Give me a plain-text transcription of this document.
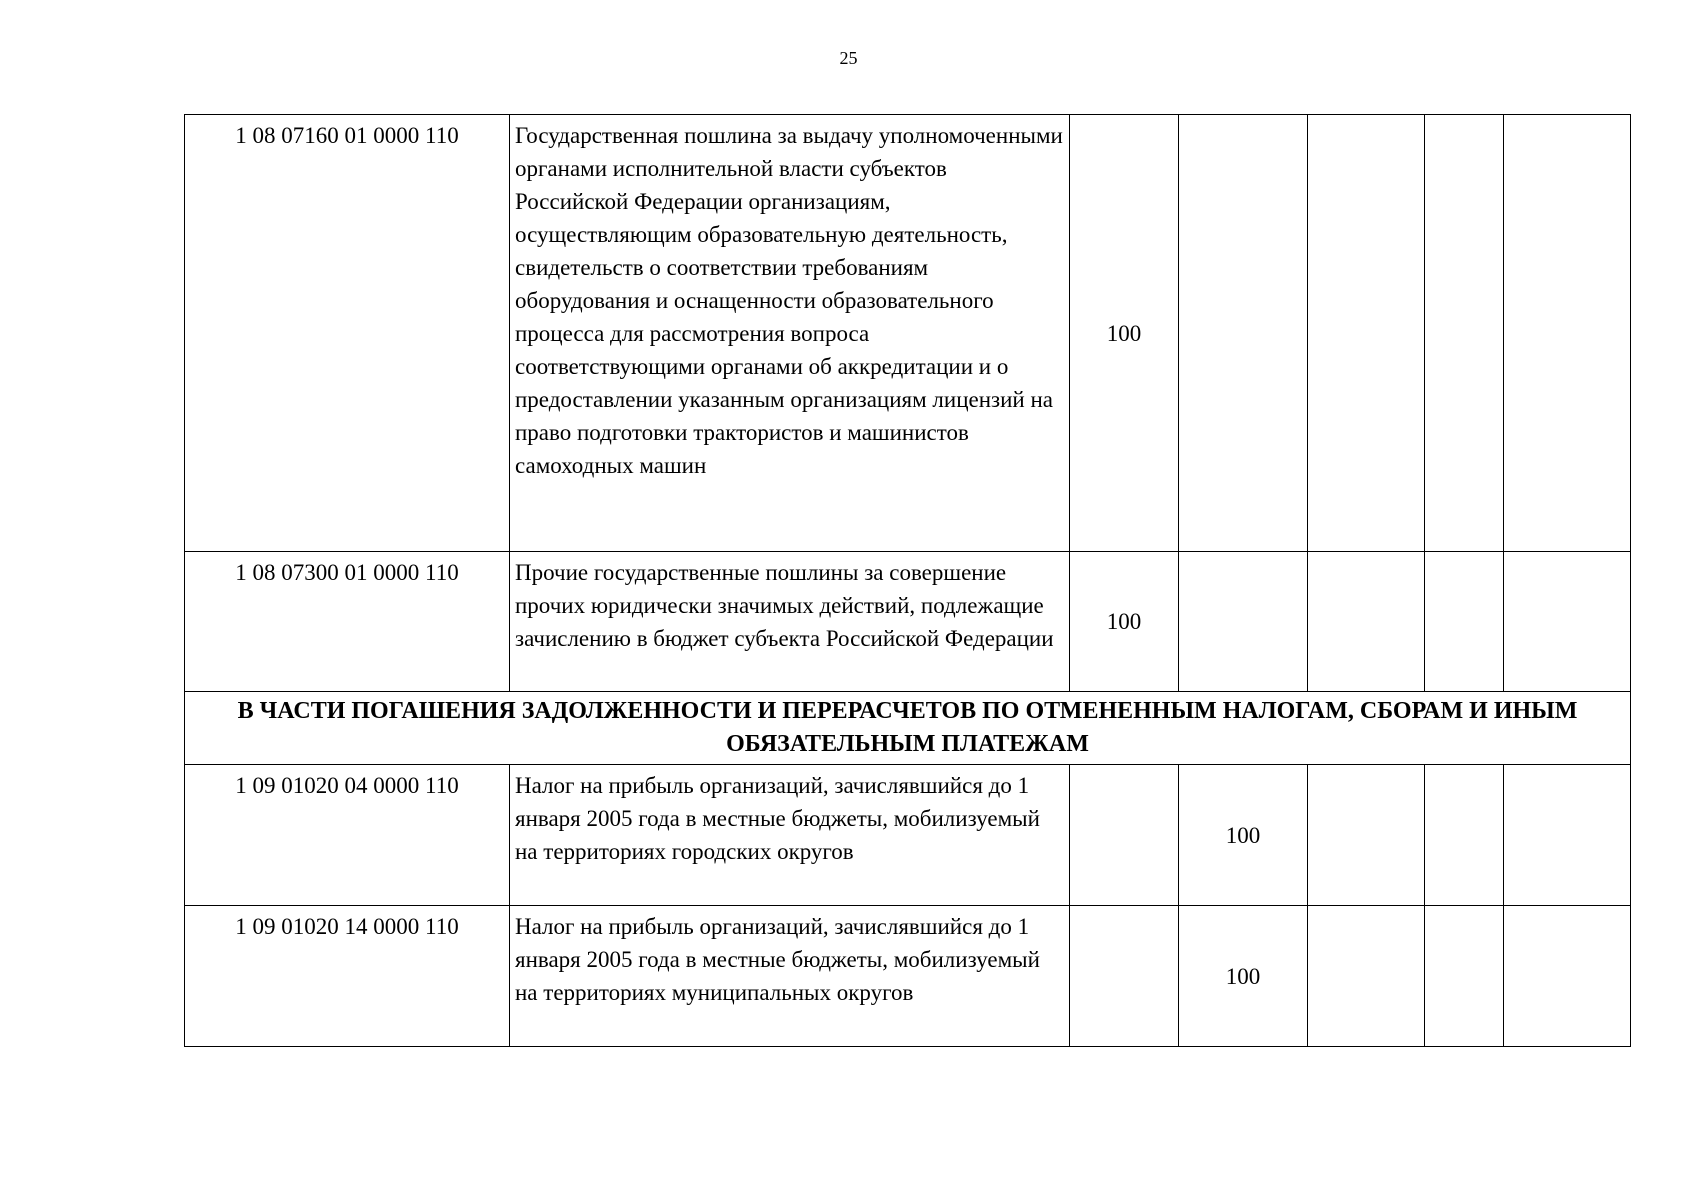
25
1 08 07160 01 0000 110	Государственная пошлина за выдачу уполномоченными органами исполнительной власти субъектов Российской Федерации организациям, осуществляющим образовательную деятельность, свидетельств о соответствии требованиям оборудования и оснащенности образовательного процесса для рассмотрения вопроса соответствующими органами об аккредитации и о предоставлении указанным организациям лицензий на право подготовки трактористов и машинистов самоходных машин	100				
1 08 07300 01 0000 110	Прочие государственные пошлины за совершение прочих юридически значимых действий, подлежащие зачислению в бюджет субъекта Российской Федерации	100				
В ЧАСТИ ПОГАШЕНИЯ ЗАДОЛЖЕННОСТИ И ПЕРЕРАСЧЕТОВ ПО ОТМЕНЕННЫМ НАЛОГАМ, СБОРАМ И ИНЫМ ОБЯЗАТЕЛЬНЫМ ПЛАТЕЖАМ						
1 09 01020 04 0000 110	Налог на прибыль организаций, зачислявшийся до 1 января 2005 года в местные бюджеты, мобилизуемый на территориях городских округов		100			
1 09 01020 14 0000 110	Налог на прибыль организаций, зачислявшийся до 1 января 2005 года в местные бюджеты, мобилизуемый на территориях муниципальных округов		100			
